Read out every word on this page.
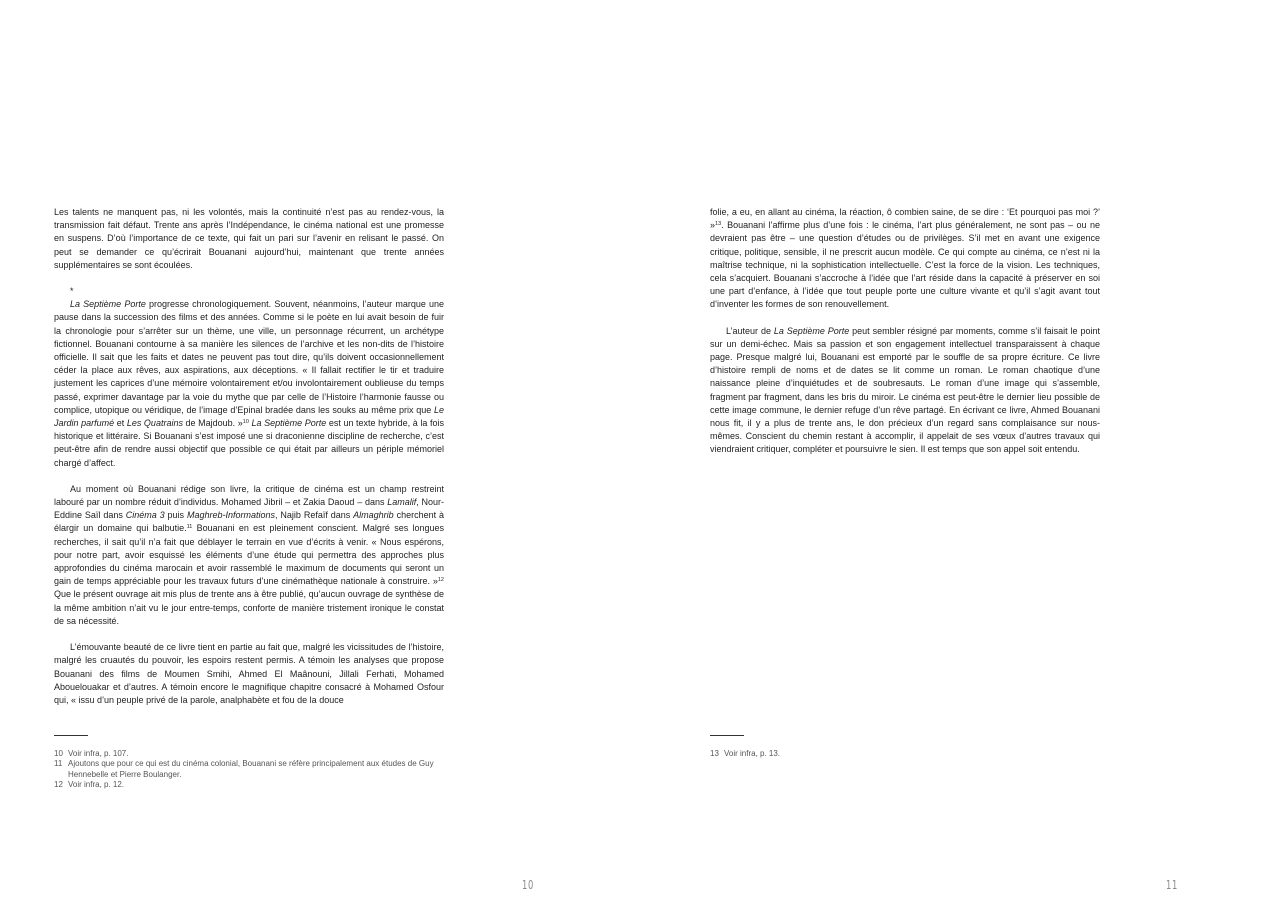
Les talents ne manquent pas, ni les volontés, mais la continuité n’est pas au rendez-vous, la transmission fait défaut. Trente ans après l’Indépendance, le cinéma national est une promesse en suspens. D’où l’importance de ce texte, qui fait un pari sur l’avenir en relisant le passé. On peut se demander ce qu’écrirait Bouanani aujourd’hui, maintenant que trente années supplémentaires se sont écoulées.

*

La Septième Porte progresse chronologiquement. Souvent, néanmoins, l’auteur marque une pause dans la succession des films et des années. Comme si le poète en lui avait besoin de fuir la chronologie pour s’arrêter sur un thème, une ville, un personnage récurrent, un archétype fictionnel. Bouanani contourne à sa manière les silences de l’archive et les non-dits de l’histoire officielle. Il sait que les faits et dates ne peuvent pas tout dire, qu’ils doivent occasionnellement céder la place aux rêves, aux aspirations, aux déceptions. « Il fallait rectifier le tir et traduire justement les caprices d’une mémoire volontairement et/ou involontairement oublieuse du temps passé, exprimer davantage par la voie du mythe que par celle de l’Histoire l’harmonie fausse ou complice, utopique ou véridique, de l’image d’Epinal bradée dans les souks au même prix que Le Jardin parfumé et Les Quatrains de Majdoub. »$^{10}$ La Septième Porte est un texte hybride, à la fois historique et littéraire. Si Bouanani s’est imposé une si draconienne discipline de recherche, c’est peut-être afin de rendre aussi objectif que possible ce qui était par ailleurs un périple mémoriel chargé d’affect.

Au moment où Bouanani rédige son livre, la critique de cinéma est un champ restreint labouré par un nombre réduit d’individus. Mohamed Jibril – et Zakia Daoud – dans Lamalif, Nour-Eddine Saïl dans Cinéma 3 puis Maghreb-Informations, Najib Refaïf dans Almaghrib cherchent à élargir un domaine qui balbutie.$^{11}$ Bouanani en est pleinement conscient. Malgré ses longues recherches, il sait qu’il n’a fait que déblayer le terrain en vue d’écrits à venir. « Nous espérons, pour notre part, avoir esquissé les éléments d’une étude qui permettra des approches plus approfondies du cinéma marocain et avoir rassemblé le maximum de documents qui seront un gain de temps appréciable pour les travaux futurs d’une cinémathèque nationale à construire. »$^{12}$ Que le présent ouvrage ait mis plus de trente ans à être publié, qu’aucun ouvrage de synthèse de la même ambition n’ait vu le jour entre-temps, conforte de manière tristement ironique le constat de sa nécessité.

L’émouvante beauté de ce livre tient en partie au fait que, malgré les vicissitudes de l’histoire, malgré les cruautés du pouvoir, les espoirs restent permis. A témoin les analyses que propose Bouanani des films de Moumen Smihi, Ahmed El Maânouni, Jillali Ferhati, Mohamed Abouelouakar et d’autres. A témoin encore le magnifique chapitre consacré à Mohamed Osfour qui, « issu d’un peuple privé de la parole, analphabète et fou de la douce

10 Voir infra, p. 107.
11 Ajoutons que pour ce qui est du cinéma colonial, Bouanani se réfère principalement aux études de Guy Hennebelle et Pierre Boulanger.
12 Voir infra, p. 12.
10

folie, a eu, en allant au cinéma, la réaction, ô combien saine, de se dire : ‘Et pourquoi pas moi ?’ »$^{13}$. Bouanani l’affirme plus d’une fois : le cinéma, l’art plus généralement, ne sont pas – ou ne devraient pas être – une question d’études ou de privilèges. S’il met en avant une exigence critique, politique, sensible, il ne prescrit aucun modèle. Ce qui compte au cinéma, ce n’est ni la maîtrise technique, ni la sophistication intellectuelle. C’est la force de la vision. Les techniques, cela s’acquiert. Bouanani s’accroche à l’idée que l’art réside dans la capacité à préserver en soi une part d’enfance, à l’idée que tout peuple porte une culture vivante et qu’il s’agit avant tout d’inventer les formes de son renouvellement.

L’auteur de La Septième Porte peut sembler résigné par moments, comme s’il faisait le point sur un demi-échec. Mais sa passion et son engagement intellectuel transparaissent à chaque page. Presque malgré lui, Bouanani est emporté par le souffle de sa propre écriture. Ce livre d’histoire rempli de noms et de dates se lit comme un roman. Le roman chaotique d’une naissance pleine d’inquiétudes et de soubresauts. Le roman d’une image qui s’assemble, fragment par fragment, dans les bris du miroir. Le cinéma est peut-être le dernier lieu possible de cette image commune, le dernier refuge d’un rêve partagé. En écrivant ce livre, Ahmed Bouanani nous fit, il y a plus de trente ans, le don précieux d’un regard sans complaisance sur nous-mêmes. Conscient du chemin restant à accomplir, il appelait de ses vœux d’autres travaux qui viendraient critiquer, compléter et poursuivre le sien. Il est temps que son appel soit entendu.

13 Voir infra, p. 13.
11
